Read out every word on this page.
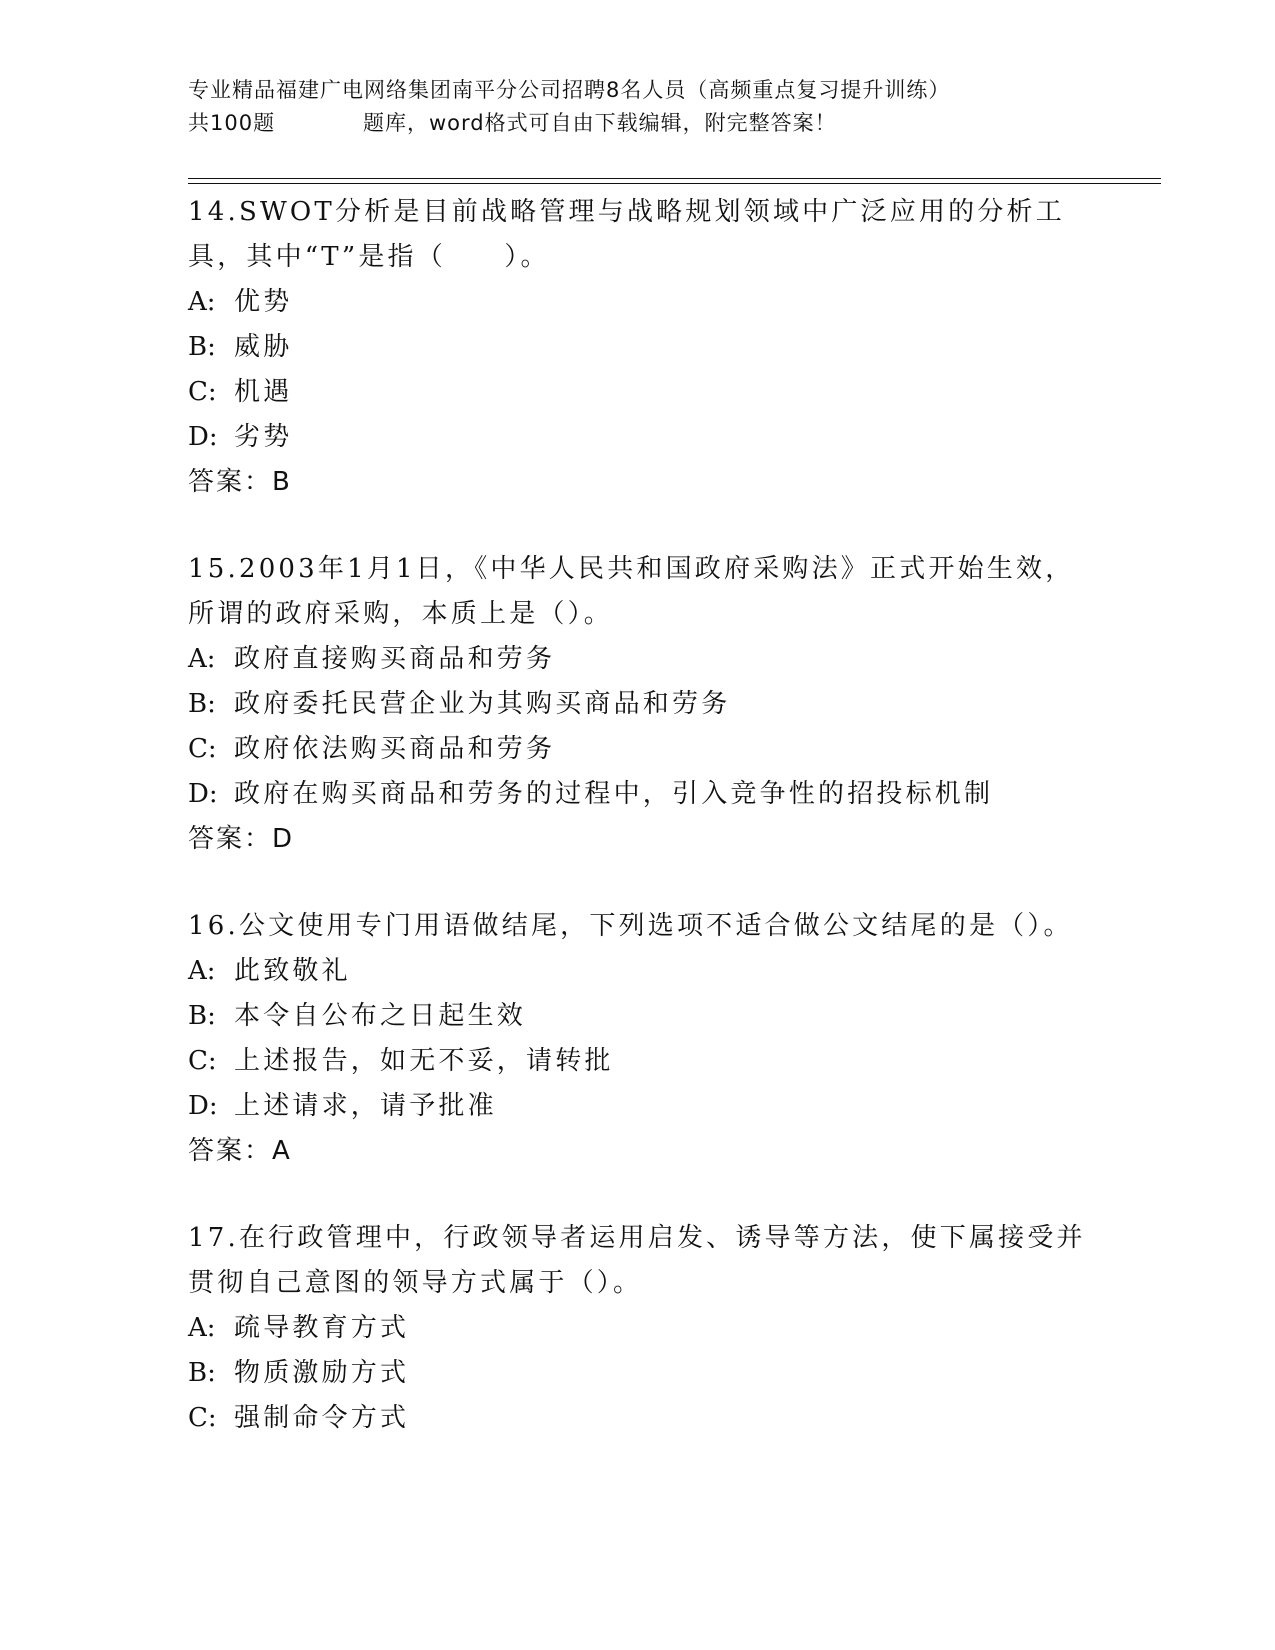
专业精品福建广电网络集团南平分公司招聘8名人员（高频重点复习提升训练）
共100题	题库，word格式可自由下载编辑，附完整答案！

14.SWOT分析是目前战略管理与战略规划领域中广泛应用的分析工具，其中“T”是指（　　）。

A: 优势
B: 威胁
C: 机遇
D: 劣势
答案：B

15.2003年1月1日，《中华人民共和国政府采购法》正式开始生效，所谓的政府采购，本质上是（）。

A: 政府直接购买商品和劳务
B: 政府委托民营企业为其购买商品和劳务
C: 政府依法购买商品和劳务
D: 政府在购买商品和劳务的过程中，引入竞争性的招投标机制
答案：D

16.公文使用专门用语做结尾，下列选项不适合做公文结尾的是（）。

A: 此致敬礼
B: 本令自公布之日起生效
C: 上述报告，如无不妥，请转批
D: 上述请求，请予批准
答案：A

17.在行政管理中，行政领导者运用启发、诱导等方法，使下属接受并贯彻自己意图的领导方式属于（）。

A: 疏导教育方式
B: 物质激励方式
C: 强制命令方式
